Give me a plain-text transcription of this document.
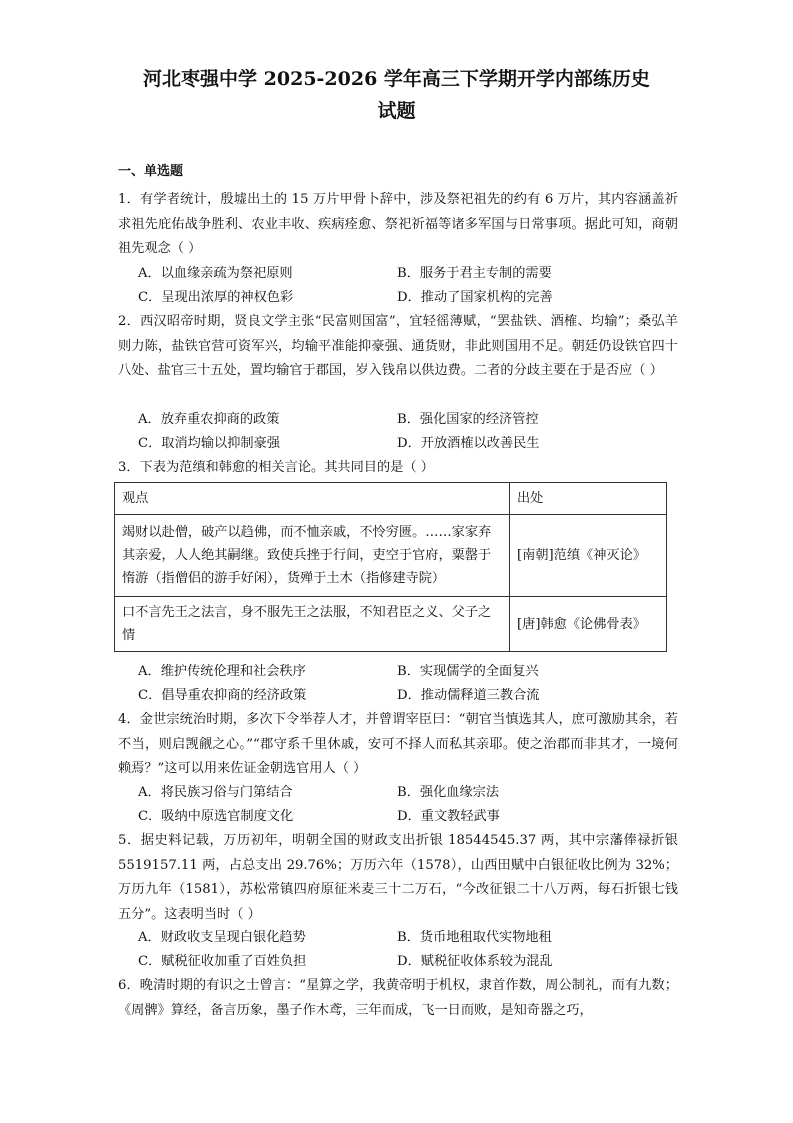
河北枣强中学 2025-2026 学年高三下学期开学内部练历史
试题
一、单选题

1．有学者统计，殷墟出土的 15 万片甲骨卜辞中，涉及祭祀祖先的约有 6 万片，其内容涵盖祈求祖先庇佑战争胜利、农业丰收、疾病痊愈、祭祀祈福等诸多军国与日常事项。据此可知，商朝祖先观念（ ）

A．以血缘亲疏为祭祀原则	B．服务于君主专制的需要
C．呈现出浓厚的神权色彩	D．推动了国家机构的完善

2．西汉昭帝时期，贤良文学主张“民富则国富”，宜轻徭薄赋，“罢盐铁、酒榷、均输”；桑弘羊则力陈，盐铁官营可资军兴，均输平准能抑豪强、通货财，非此则国用不足。朝廷仍设铁官四十八处、盐官三十五处，置均输官于郡国，岁入钱帛以供边费。二者的分歧主要在于是否应（ ）

A．放弃重农抑商的政策	B．强化国家的经济管控
C．取消均输以抑制豪强	D．开放酒榷以改善民生

3．下表为范缜和韩愈的相关言论。其共同目的是（ ）

观点	出处
竭财以赴僧，破产以趋佛，而不恤亲戚，不怜穷匮。……家家弃其亲爱，人人绝其嗣继。致使兵挫于行间，吏空于官府，粟罄于惰游（指僧侣的游手好闲），货殚于土木（指修建寺院）	[南朝]范缜《神灭论》
口不言先王之法言，身不服先王之法服，不知君臣之义、父子之情	[唐]韩愈《论佛骨表》
A．维护传统伦理和社会秩序	B．实现儒学的全面复兴
C．倡导重农抑商的经济政策	D．推动儒释道三教合流

4．金世宗统治时期，多次下令举荐人才，并曾谓宰臣曰：“朝官当慎选其人，庶可激励其余，若不当，则启觊觎之心。”“郡守系千里休戚，安可不择人而私其亲耶。使之治郡而非其才，一境何赖焉？”这可以用来佐证金朝选官用人（ ）

A．将民族习俗与门第结合	B．强化血缘宗法
C．吸纳中原选官制度文化	D．重文教轻武事

5．据史料记载，万历初年，明朝全国的财政支出折银 18544545.37 两，其中宗藩俸禄折银 5519157.11 两，占总支出 29.76%；万历六年（1578），山西田赋中白银征收比例为 32%；万历九年（1581），苏松常镇四府原征米麦三十二万石，“今改征银二十八万两，每石折银七钱五分”。这表明当时（ ）

A．财政收支呈现白银化趋势	B．货币地租取代实物地租
C．赋税征收加重了百姓负担	D．赋税征收体系较为混乱

6．晚清时期的有识之士曾言：“星算之学，我黄帝明于机权，隶首作数，周公制礼，而有九数；《周髀》算经，备言历象，墨子作木鸢，三年而成，飞一日而败，是知奇器之巧，
